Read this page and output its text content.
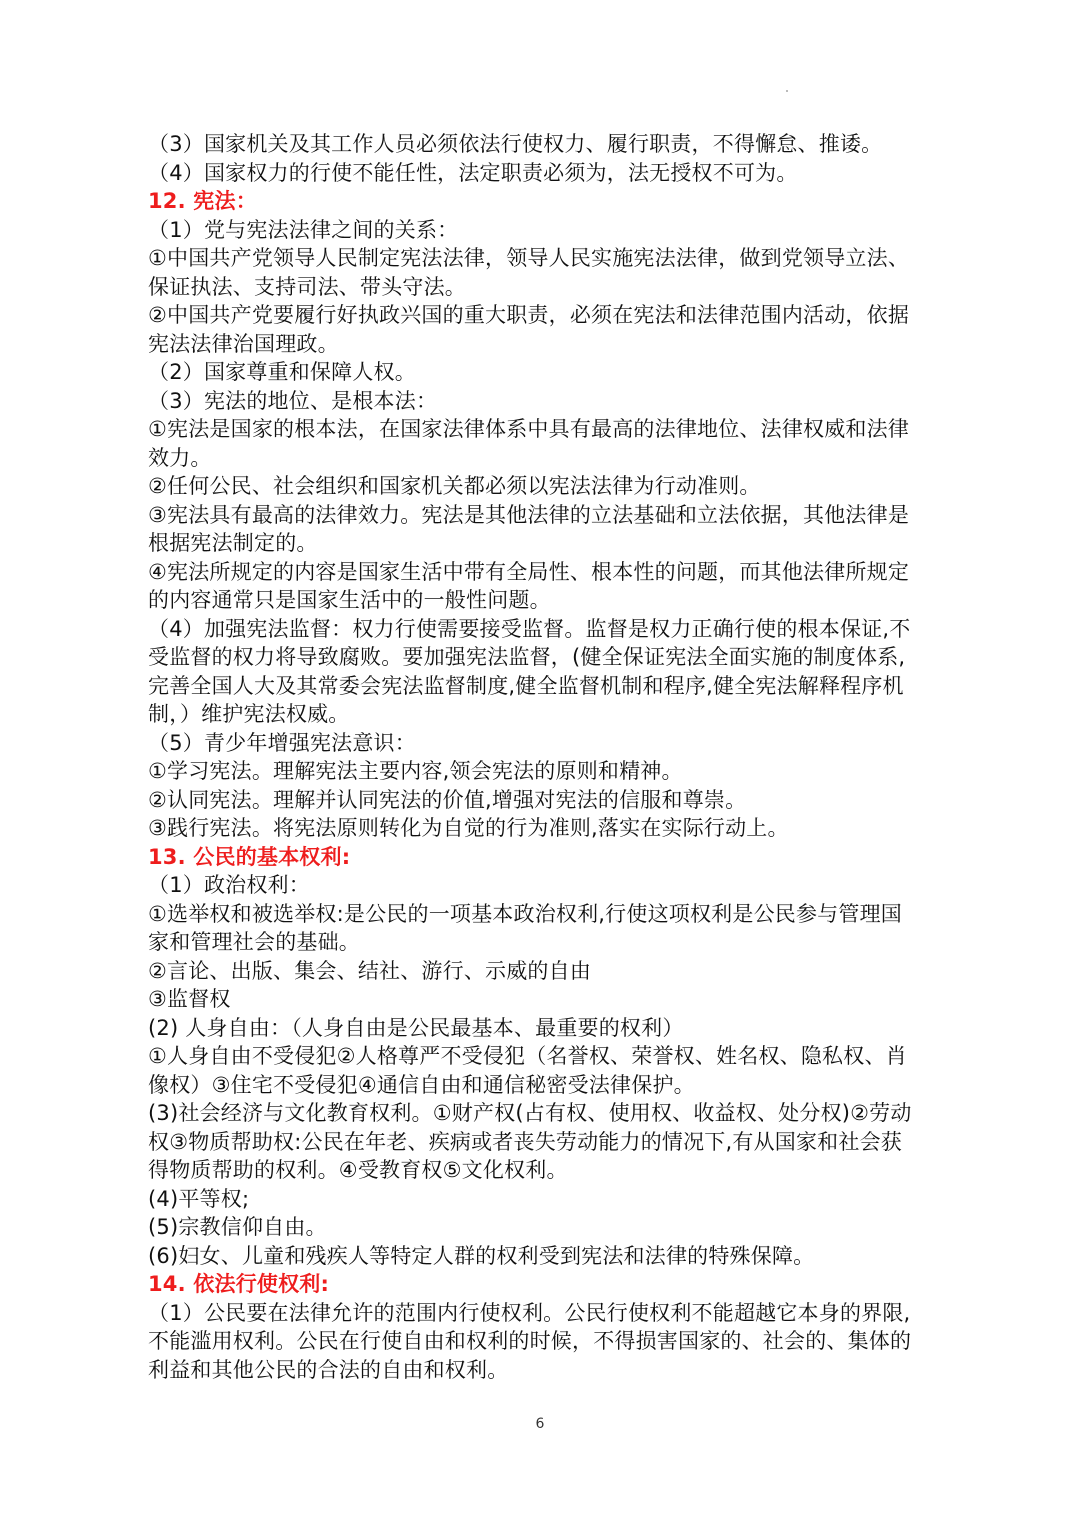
（3）国家机关及其工作人员必须依法行使权力、履行职责，不得懈怠、推诿。
（4）国家权力的行使不能任性，法定职责必须为，法无授权不可为。
12. 宪法：
（1）党与宪法法律之间的关系：
①中国共产党领导人民制定宪法法律，领导人民实施宪法法律，做到党领导立法、
保证执法、支持司法、带头守法。
②中国共产党要履行好执政兴国的重大职责，必须在宪法和法律范围内活动，依据
宪法法律治国理政。
（2）国家尊重和保障人权。
（3）宪法的地位、是根本法：
①宪法是国家的根本法，在国家法律体系中具有最高的法律地位、法律权威和法律
效力。
②任何公民、社会组织和国家机关都必须以宪法法律为行动准则。
③宪法具有最高的法律效力。宪法是其他法律的立法基础和立法依据，其他法律是
根据宪法制定的。
④宪法所规定的内容是国家生活中带有全局性、根本性的问题，而其他法律所规定
的内容通常只是国家生活中的一般性问题。
（4）加强宪法监督：权力行使需要接受监督。监督是权力正确行使的根本保证,不
受监督的权力将导致腐败。要加强宪法监督，(健全保证宪法全面实施的制度体系,
完善全国人大及其常委会宪法监督制度,健全监督机制和程序,健全宪法解释程序机
制，）维护宪法权威。
（5）青少年增强宪法意识：
①学习宪法。理解宪法主要内容,领会宪法的原则和精神。
②认同宪法。理解并认同宪法的价值,增强对宪法的信服和尊崇。
③践行宪法。将宪法原则转化为自觉的行为准则,落实在实际行动上。
13. 公民的基本权利:
（1）政治权利：
①选举权和被选举权:是公民的一项基本政治权利,行使这项权利是公民参与管理国
家和管理社会的基础。
②言论、出版、集会、结社、游行、示威的自由
③监督权
(2) 人身自由：（人身自由是公民最基本、最重要的权利）
①人身自由不受侵犯②人格尊严不受侵犯（名誉权、荣誉权、姓名权、隐私权、肖
像权）③住宅不受侵犯④通信自由和通信秘密受法律保护。
(3)社会经济与文化教育权利。①财产权(占有权、使用权、收益权、处分权)②劳动
权③物质帮助权:公民在年老、疾病或者丧失劳动能力的情况下,有从国家和社会获
得物质帮助的权利。④受教育权⑤文化权利。
(4)平等权;
(5)宗教信仰自由。
(6)妇女、儿童和残疾人等特定人群的权利受到宪法和法律的特殊保障。
14. 依法行使权利:
（1）公民要在法律允许的范围内行使权利。公民行使权利不能超越它本身的界限,
不能滥用权利。公民在行使自由和权利的时候，不得损害国家的、社会的、集体的
利益和其他公民的合法的自由和权利。
6
